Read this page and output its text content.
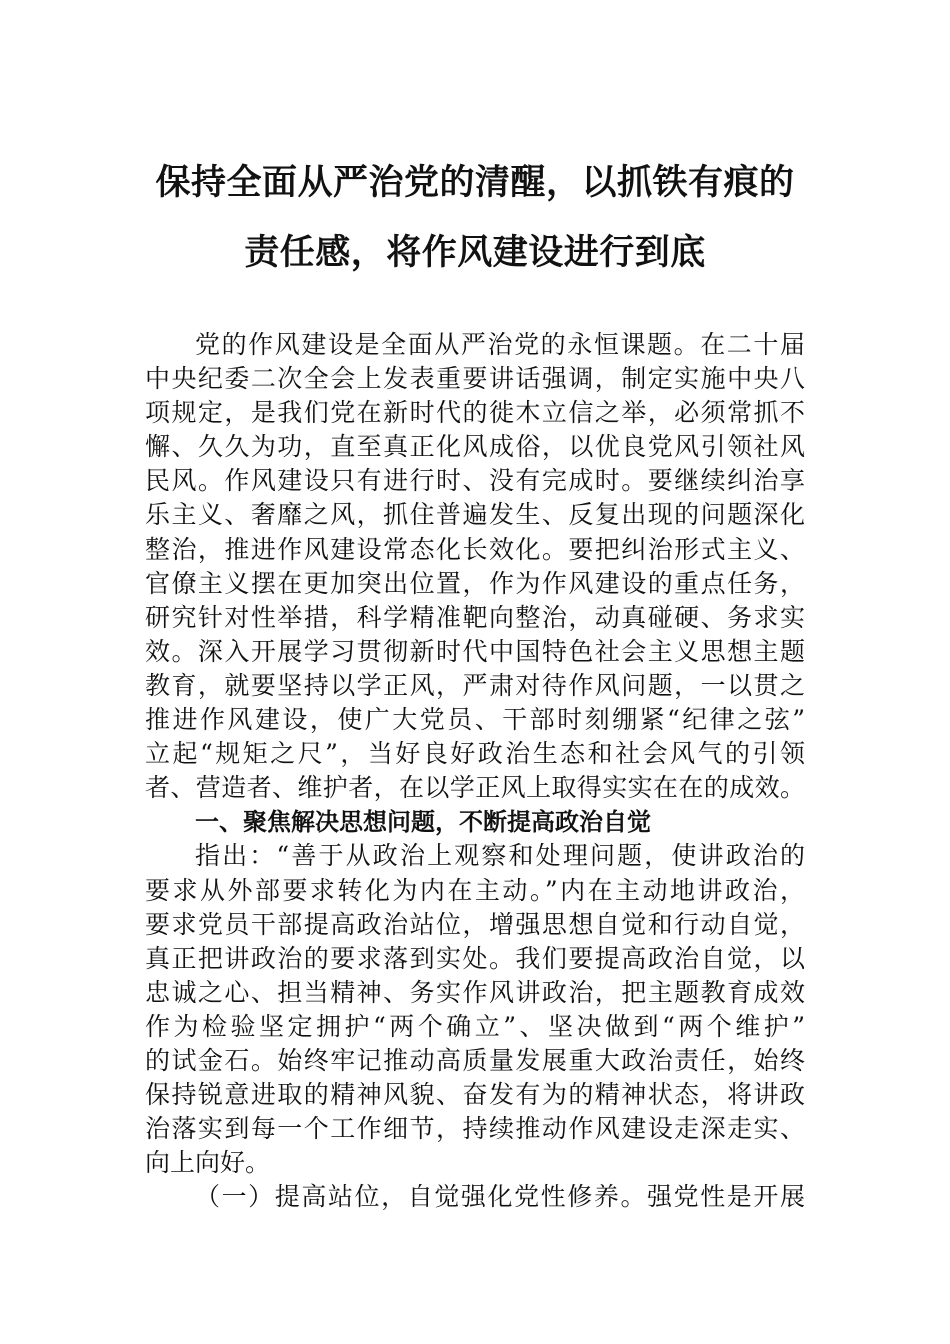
保持全面从严治党的清醒，以抓铁有痕的
责任感，将作风建设进行到底
党的作风建设是全面从严治党的永恒课题。在二十届
中央纪委二次全会上发表重要讲话强调，制定实施中央八
项规定，是我们党在新时代的徙木立信之举，必须常抓不
懈、久久为功，直至真正化风成俗，以优良党风引领社风
民风。作风建设只有进行时、没有完成时。要继续纠治享
乐主义、奢靡之风，抓住普遍发生、反复出现的问题深化
整治，推进作风建设常态化长效化。要把纠治形式主义、
官僚主义摆在更加突出位置，作为作风建设的重点任务，
研究针对性举措，科学精准靶向整治，动真碰硬、务求实
效。深入开展学习贯彻新时代中国特色社会主义思想主题
教育，就要坚持以学正风，严肃对待作风问题，一以贯之
推进作风建设，使广大党员、干部时刻绷紧“纪律之弦”
立起“规矩之尺”，当好良好政治生态和社会风气的引领
者、营造者、维护者，在以学正风上取得实实在在的成效。
一、聚焦解决思想问题，不断提高政治自觉
指出：“善于从政治上观察和处理问题，使讲政治的
要求从外部要求转化为内在主动。”内在主动地讲政治，
要求党员干部提高政治站位，增强思想自觉和行动自觉，
真正把讲政治的要求落到实处。我们要提高政治自觉，以
忠诚之心、担当精神、务实作风讲政治，把主题教育成效
作为检验坚定拥护“两个确立”、坚决做到“两个维护”
的试金石。始终牢记推动高质量发展重大政治责任，始终
保持锐意进取的精神风貌、奋发有为的精神状态，将讲政
治落实到每一个工作细节，持续推动作风建设走深走实、
向上向好。
（一）提高站位，自觉强化党性修养。强党性是开展
